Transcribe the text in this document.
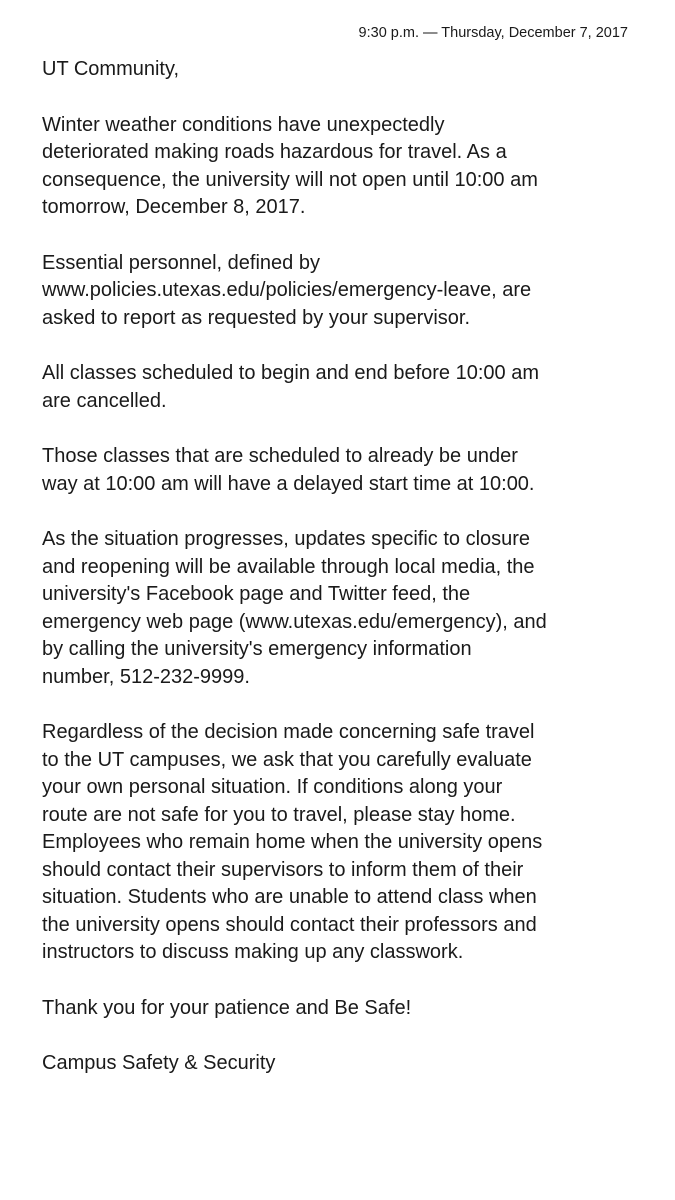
9:30 p.m. — Thursday, December 7, 2017

UT Community,

Winter weather conditions have unexpectedly
deteriorated making roads hazardous for travel. As a
consequence, the university will not open until 10:00 am
tomorrow, December 8, 2017.

Essential personnel, defined by
www.policies.utexas.edu/policies/emergency-leave, are
asked to report as requested by your supervisor.

All classes scheduled to begin and end before 10:00 am
are cancelled.

Those classes that are scheduled to already be under
way at 10:00 am will have a delayed start time at 10:00.

As the situation progresses, updates specific to closure
and reopening will be available through local media, the
university's Facebook page and Twitter feed, the
emergency web page (www.utexas.edu/emergency), and
by calling the university's emergency information
number, 512-232-9999.

Regardless of the decision made concerning safe travel
to the UT campuses, we ask that you carefully evaluate
your own personal situation. If conditions along your
route are not safe for you to travel, please stay home.
Employees who remain home when the university opens
should contact their supervisors to inform them of their
situation. Students who are unable to attend class when
the university opens should contact their professors and
instructors to discuss making up any classwork.

Thank you for your patience and Be Safe!

Campus Safety & Security
